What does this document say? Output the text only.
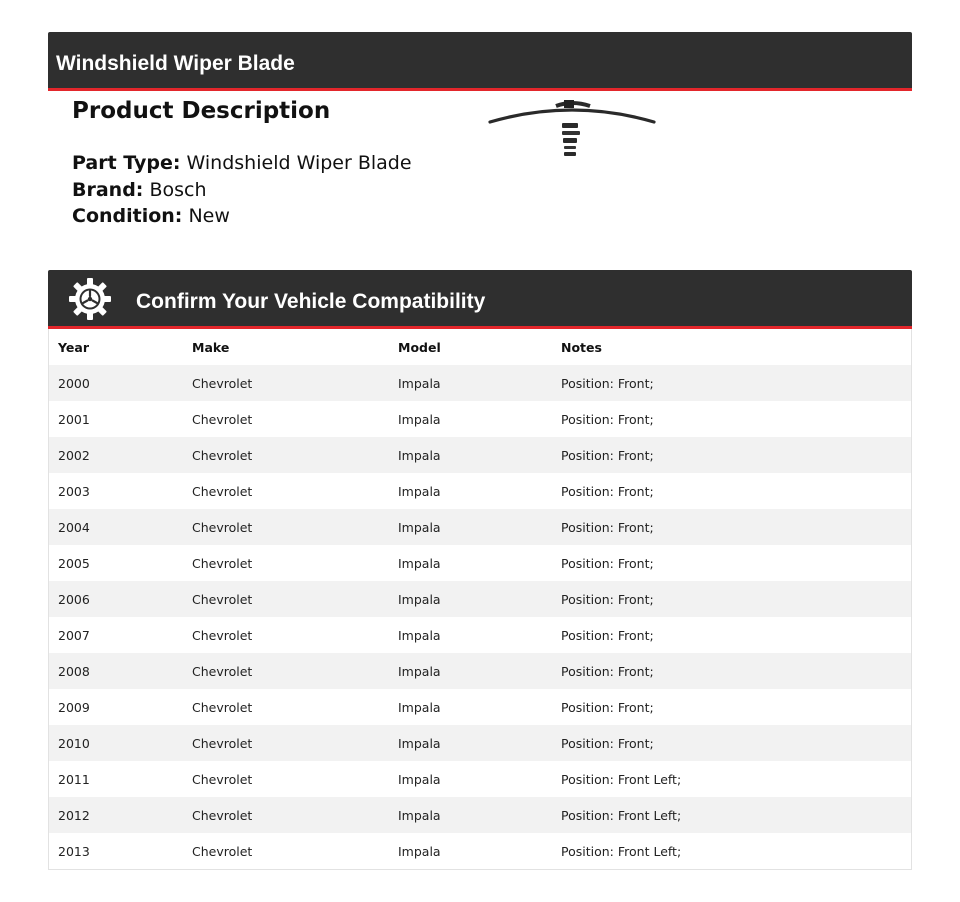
Windshield Wiper Blade
Product Description
Part Type: Windshield Wiper Blade
Brand: Bosch
Condition: New
Confirm Your Vehicle Compatibility
Year	Make	Model	Notes
2000	Chevrolet	Impala	Position: Front;
2001	Chevrolet	Impala	Position: Front;
2002	Chevrolet	Impala	Position: Front;
2003	Chevrolet	Impala	Position: Front;
2004	Chevrolet	Impala	Position: Front;
2005	Chevrolet	Impala	Position: Front;
2006	Chevrolet	Impala	Position: Front;
2007	Chevrolet	Impala	Position: Front;
2008	Chevrolet	Impala	Position: Front;
2009	Chevrolet	Impala	Position: Front;
2010	Chevrolet	Impala	Position: Front;
2011	Chevrolet	Impala	Position: Front Left;
2012	Chevrolet	Impala	Position: Front Left;
2013	Chevrolet	Impala	Position: Front Left;
